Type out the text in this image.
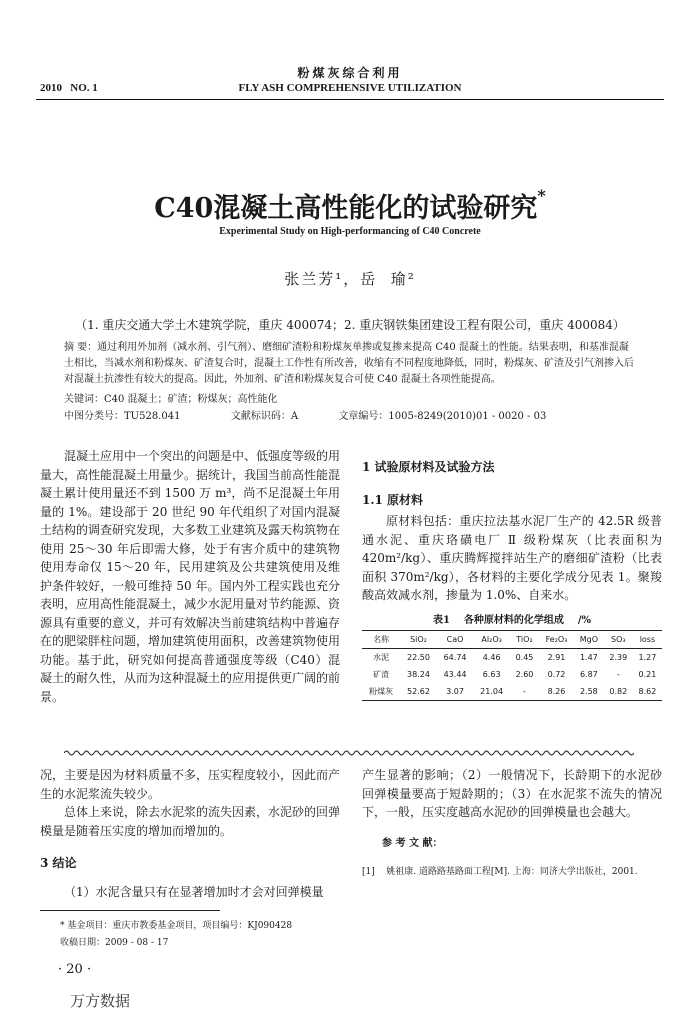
粉煤灰综合利用
2010   NO. 1	FLY ASH COMPREHENSIVE UTILIZATION
C40混凝土高性能化的试验研究*
Experimental Study on High-performancing of C40 Concrete
张兰芳¹，岳  瑜²
（1. 重庆交通大学土木建筑学院，重庆 400074；2. 重庆钢铁集团建设工程有限公司，重庆 400084）
摘 要：通过利用外加剂（减水剂、引气剂）、磨细矿渣粉和粉煤灰单掺或复掺来提高 C40 混凝土的性能。结果表明，和基准混凝土相比，当减水剂和粉煤灰、矿渣复合时，混凝土工作性有所改善，收缩有不同程度地降低，同时，粉煤灰、矿渣及引气剂掺入后对混凝土抗渗性有较大的提高。因此，外加剂、矿渣和粉煤灰复合可使 C40 混凝土各项性能提高。
关键词：C40 混凝土；矿渣；粉煤灰；高性能化
中图分类号：TU528.041	文献标识码：A	文章编号：1005-8249(2010)01 - 0020 - 03

混凝土应用中一个突出的问题是中、低强度等级的用量大，高性能混凝土用量少。据统计，我国当前高性能混凝土累计使用量还不到 1500 万 m³，尚不足混凝土年用量的 1%。建设部于 20 世纪 90 年代组织了对国内混凝土结构的调查研究发现，大多数工业建筑及露天构筑物在使用 25～30 年后即需大修，处于有害介质中的建筑物使用寿命仅 15～20 年，民用建筑及公共建筑使用及维护条件较好，一般可维持 50 年。国内外工程实践也充分表明，应用高性能混凝土，减少水泥用量对节约能源、资源具有重要的意义，并可有效解决当前建筑结构中普遍存在的肥梁胖柱问题，增加建筑使用面积，改善建筑物使用功能。基于此，研究如何提高普通强度等级（C40）混凝土的耐久性，从而为这种混凝土的应用提供更广阔的前景。

1 试验原材料及试验方法
1.1 原材料

原材料包括：重庆拉法基水泥厂生产的 42.5R 级普通水泥、重庆珞磺电厂 Ⅱ 级粉煤灰（比表面积为 420m²/kg）、重庆腾辉搅拌站生产的磨细矿渣粉（比表面积 370m²/kg），各材料的主要化学成分见表 1。聚羧酸高效减水剂，掺量为 1.0%、自来水。

表1    各种原材料的化学组成    /%
名称	SiO₂	CaO	Al₂O₃	TiO₂	Fe₂O₃	MgO	SO₃	loss
水泥	22.50	64.74	4.46	0.45	2.91	1.47	2.39	1.27
矿渣	38.24	43.44	6.63	2.60	0.72	6.87	-	0.21
粉煤灰	52.62	3.07	21.04	-	8.26	2.58	0.82	8.62

况，主要是因为材料质量不多，压实程度较小，因此而产生的水泥浆流失较少。

总体上来说，除去水泥浆的流失因素，水泥砂的回弹模量是随着压实度的增加而增加的。

3 结论

（1）水泥含量只有在显著增加时才会对回弹模量

产生显著的影响；（2）一般情况下，长龄期下的水泥砂回弹模量要高于短龄期的；（3）在水泥浆不流失的情况下，一般，压实度越高水泥砂的回弹模量也会越大。

参 考 文 献：
[1]    姚祖康. 道路路基路面工程[M]. 上海：同济大学出版社，2001.
* 基金项目：重庆市教委基金项目，项目编号：KJ090428
收稿日期：2009 - 08 - 17
· 20 ·
万方数据
